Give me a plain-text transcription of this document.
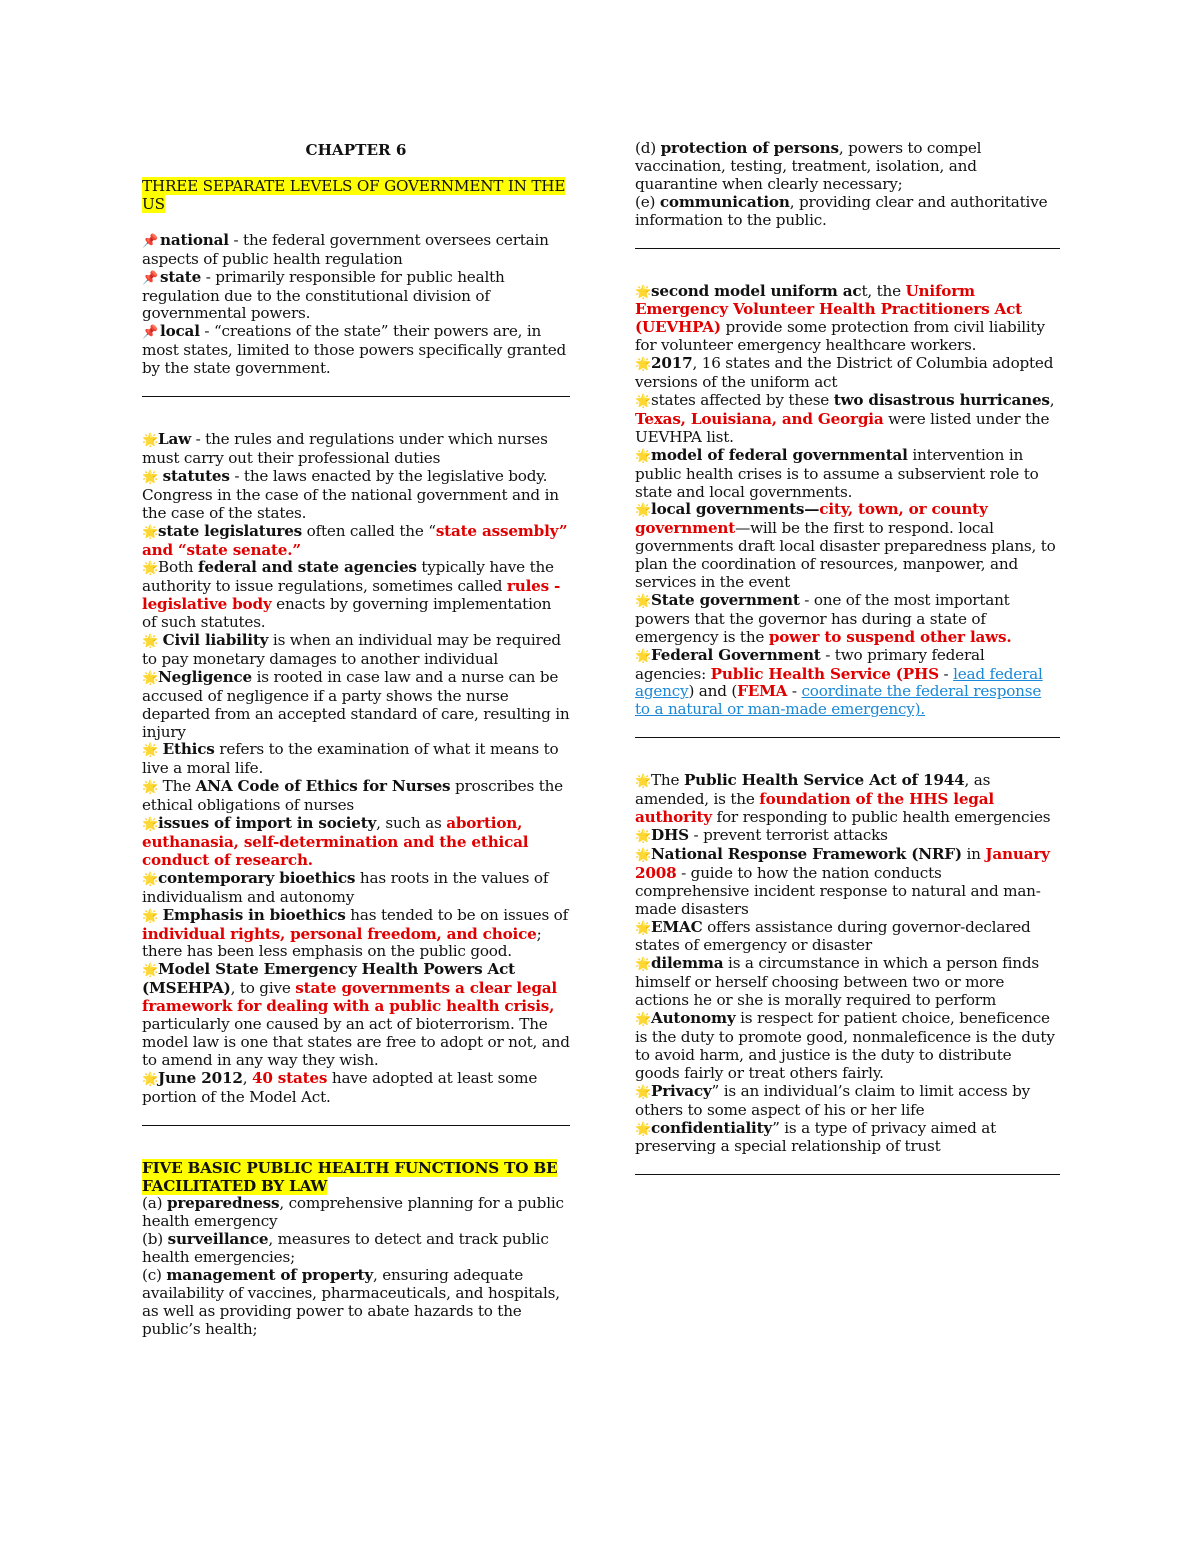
CHAPTER 6
THREE SEPARATE LEVELS OF GOVERNMENT IN THE US
📌 national - the federal government oversees certain aspects of public health regulation
📌 state - primarily responsible for public health regulation due to the constitutional division of governmental powers.
📌 local - “creations of the state” their powers are, in most states, limited to those powers specifically granted by the state government.
🌟Law - the rules and regulations under which nurses must carry out their professional duties
🌟 statutes - the laws enacted by the legislative body. Congress in the case of the national government and in the case of the states.
🌟state legislatures often called the “state assembly” and “state senate.”
🌟Both federal and state agencies typically have the authority to issue regulations, sometimes called rules -legislative body enacts by governing implementation of such statutes.
🌟 Civil liability is when an individual may be required to pay monetary damages to another individual
🌟Negligence is rooted in case law and a nurse can be accused of negligence if a party shows the nurse departed from an accepted standard of care, resulting in injury
🌟 Ethics refers to the examination of what it means to live a moral life.
🌟 The ANA Code of Ethics for Nurses proscribes the ethical obligations of nurses
🌟issues of import in society, such as abortion, euthanasia, self-determination and the ethical conduct of research.
🌟contemporary bioethics has roots in the values of individualism and autonomy
🌟 Emphasis in bioethics has tended to be on issues of individual rights, personal freedom, and choice; there has been less emphasis on the public good.
🌟Model State Emergency Health Powers Act (MSEHPA), to give state governments a clear legal framework for dealing with a public health crisis, particularly one caused by an act of bioterrorism. The model law is one that states are free to adopt or not, and to amend in any way they wish.
🌟June 2012, 40 states have adopted at least some portion of the Model Act.
FIVE BASIC PUBLIC HEALTH FUNCTIONS TO BE FACILITATED BY LAW
(a) preparedness, comprehensive planning for a public health emergency
(b) surveillance, measures to detect and track public health emergencies;
(c) management of property, ensuring adequate availability of vaccines, pharmaceuticals, and hospitals, as well as providing power to abate hazards to the public’s health;
(d) protection of persons, powers to compel vaccination, testing, treatment, isolation, and quarantine when clearly necessary;
(e) communication, providing clear and authoritative information to the public.
🌟second model uniform act, the Uniform Emergency Volunteer Health Practitioners Act (UEVHPA) provide some protection from civil liability for volunteer emergency healthcare workers.
🌟2017, 16 states and the District of Columbia adopted versions of the uniform act
🌟states affected by these two disastrous hurricanes, Texas, Louisiana, and Georgia were listed under the UEVHPA list.
🌟model of federal governmental intervention in public health crises is to assume a subservient role to state and local governments.
🌟local governments—city, town, or county government—will be the first to respond. local governments draft local disaster preparedness plans, to plan the coordination of resources, manpower, and services in the event
🌟State government - one of the most important powers that the governor has during a state of emergency is the power to suspend other laws.
🌟Federal Government - two primary federal agencies: Public Health Service (PHS - lead federal agency) and (FEMA - coordinate the federal response to a natural or man-made emergency).
🌟The Public Health Service Act of 1944, as amended, is the foundation of the HHS legal authority for responding to public health emergencies
🌟DHS - prevent terrorist attacks
🌟National Response Framework (NRF) in January 2008 - guide to how the nation conducts comprehensive incident response to natural and man-made disasters
🌟EMAC offers assistance during governor-declared states of emergency or disaster
🌟dilemma is a circumstance in which a person finds himself or herself choosing between two or more actions he or she is morally required to perform
🌟Autonomy is respect for patient choice, beneficence is the duty to promote good, nonmaleficence is the duty to avoid harm, and justice is the duty to distribute goods fairly or treat others fairly.
🌟Privacy” is an individual’s claim to limit access by others to some aspect of his or her life
🌟confidentiality” is a type of privacy aimed at preserving a special relationship of trust
